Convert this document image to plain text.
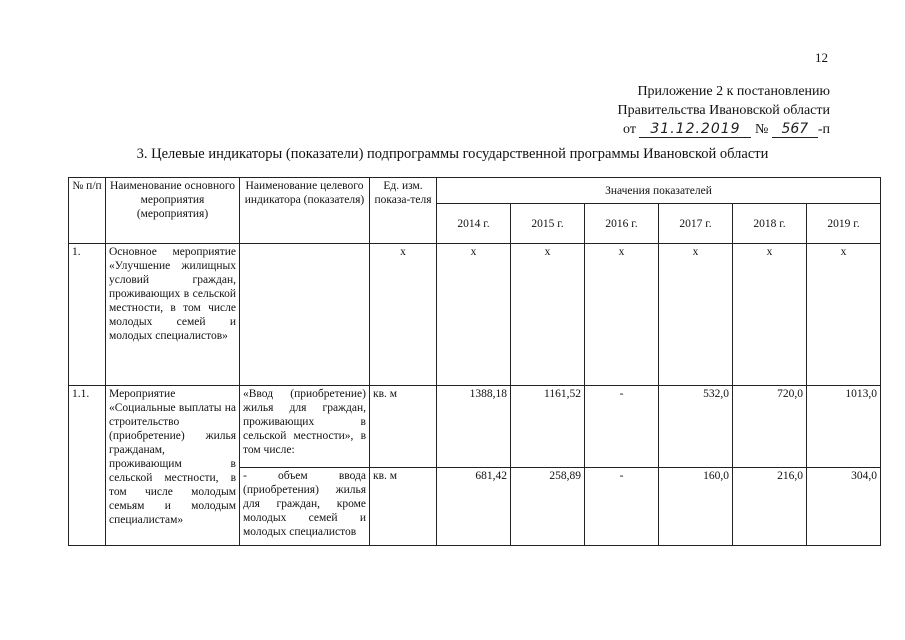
12
Приложение 2 к постановлению
Правительства Ивановской области
от 31.12.2019 № 567 -п
3. Целевые индикаторы (показатели) подпрограммы государственной программы Ивановской области
№ п/п	Наименование основного мероприятия (мероприятия)	Наименование целевого индикатора (показателя)	Ед. изм. показа-теля	Значения показателей					
				2014 г.	2015 г.	2016 г.	2017 г.	2018 г.	2019 г.
1.	Основное мероприятие «Улучшение жилищных условий граждан, проживающих в сельской местности, в том числе молодых семей и молодых специалистов»		x	x	x	x	x	x	x
1.1.	Мероприятие «Социальные выплаты на строительство (приобретение) жилья гражданам, проживающим в сельской местности, в том числе молодым семьям и молодым специалистам»	«Ввод (приобретение) жилья для граждан, проживающих в сельской местности», в том числе:	кв. м	1388,18	1161,52	-	532,0	720,0	1013,0
		- объем ввода (приобретения) жилья для граждан, кроме молодых семей и молодых специалистов	кв. м	681,42	258,89	-	160,0	216,0	304,0
